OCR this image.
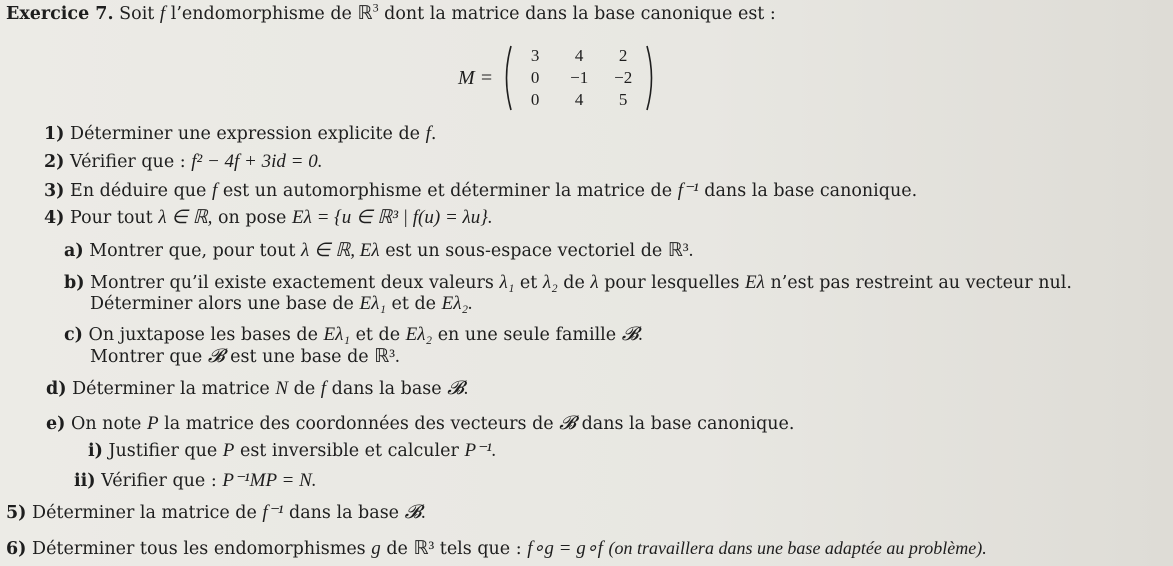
Exercice 7. Soit f l’endomorphisme de ℝ$^3$ dont la matrice dans la base canonique est :
M =
3	4	2
0	−1	−2
0	4	5
1) Déterminer une expression explicite de f.
2) Vérifier que : f² − 4f + 3id = 0.
3) En déduire que f est un automorphisme et déterminer la matrice de f⁻¹ dans la base canonique.
4) Pour tout λ ∈ ℝ, on pose Eλ = {u ∈ ℝ³ | f(u) = λu}.
a) Montrer que, pour tout λ ∈ ℝ, Eλ est un sous-espace vectoriel de ℝ³.
b) Montrer qu’il existe exactement deux valeurs λ₁ et λ₂ de λ pour lesquelles Eλ n’est pas restreint au vecteur nul.
Déterminer alors une base de Eλ₁ et de Eλ₂.
c) On juxtapose les bases de Eλ₁ et de Eλ₂ en une seule famille 𝓑.
Montrer que 𝓑 est une base de ℝ³.
d) Déterminer la matrice N de f dans la base 𝓑.
e) On note P la matrice des coordonnées des vecteurs de 𝓑 dans la base canonique.
i) Justifier que P est inversible et calculer P⁻¹.
ii) Vérifier que : P⁻¹MP = N.
5) Déterminer la matrice de f⁻¹ dans la base 𝓑.
6) Déterminer tous les endomorphismes g de ℝ³ tels que : f∘g = g∘f (on travaillera dans une base adaptée au problème).
